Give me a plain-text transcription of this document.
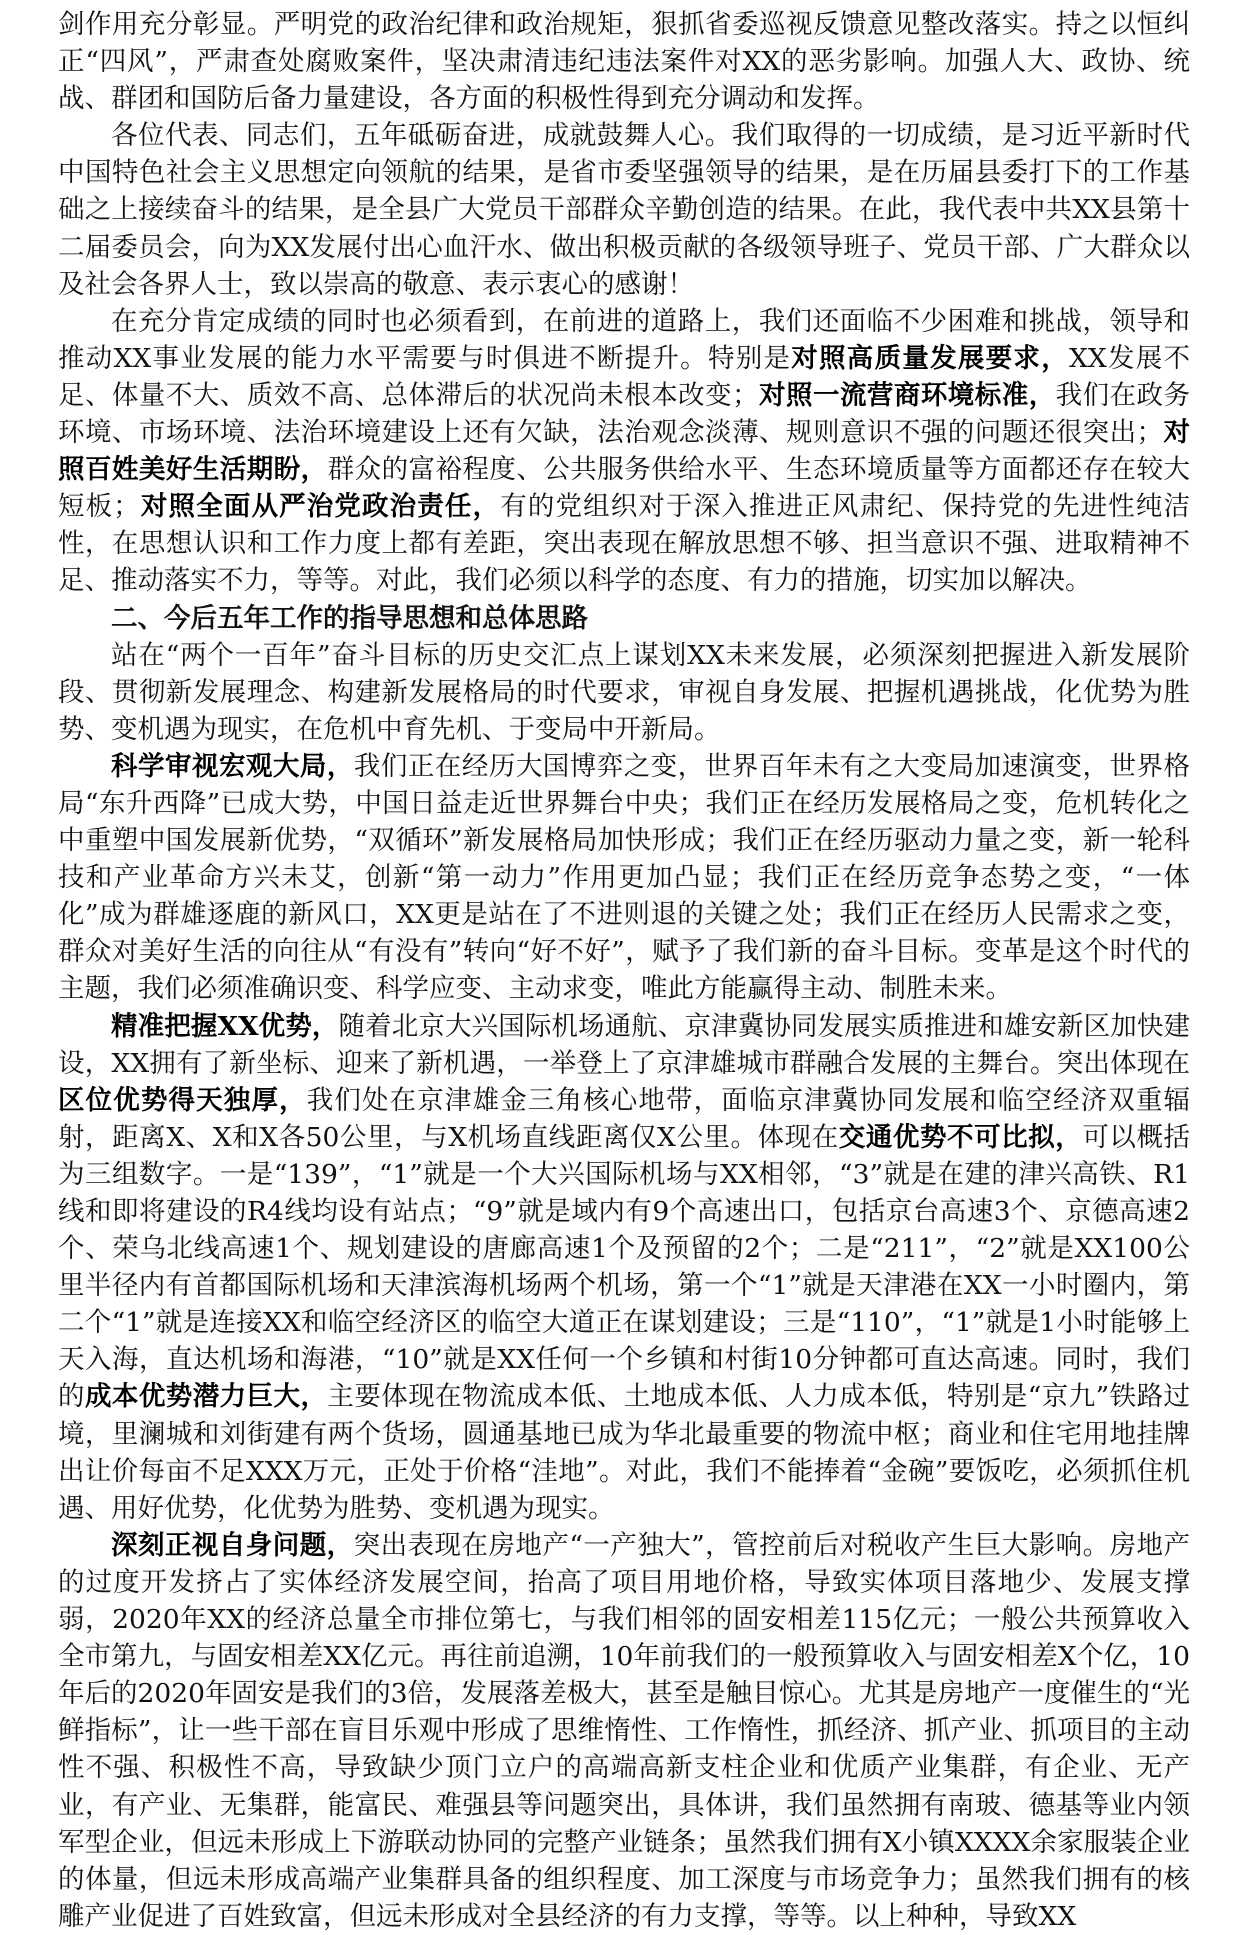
剑作用充分彰显。严明党的政治纪律和政治规矩，狠抓省委巡视反馈意见整改落实。持之以恒纠正“四风”，严肃查处腐败案件，坚决肃清违纪违法案件对XX的恶劣影响。加强人大、政协、统战、群团和国防后备力量建设，各方面的积极性得到充分调动和发挥。

各位代表、同志们，五年砥砺奋进，成就鼓舞人心。我们取得的一切成绩，是习近平新时代中国特色社会主义思想定向领航的结果，是省市委坚强领导的结果，是在历届县委打下的工作基础之上接续奋斗的结果，是全县广大党员干部群众辛勤创造的结果。在此，我代表中共XX县第十二届委员会，向为XX发展付出心血汗水、做出积极贡献的各级领导班子、党员干部、广大群众以及社会各界人士，致以崇高的敬意、表示衷心的感谢！

在充分肯定成绩的同时也必须看到，在前进的道路上，我们还面临不少困难和挑战，领导和推动XX事业发展的能力水平需要与时俱进不断提升。特别是对照高质量发展要求，XX发展不足、体量不大、质效不高、总体滞后的状况尚未根本改变；对照一流营商环境标准，我们在政务环境、市场环境、法治环境建设上还有欠缺，法治观念淡薄、规则意识不强的问题还很突出；对照百姓美好生活期盼，群众的富裕程度、公共服务供给水平、生态环境质量等方面都还存在较大短板；对照全面从严治党政治责任，有的党组织对于深入推进正风肃纪、保持党的先进性纯洁性，在思想认识和工作力度上都有差距，突出表现在解放思想不够、担当意识不强、进取精神不足、推动落实不力，等等。对此，我们必须以科学的态度、有力的措施，切实加以解决。

二、今后五年工作的指导思想和总体思路

站在“两个一百年”奋斗目标的历史交汇点上谋划XX未来发展，必须深刻把握进入新发展阶段、贯彻新发展理念、构建新发展格局的时代要求，审视自身发展、把握机遇挑战，化优势为胜势、变机遇为现实，在危机中育先机、于变局中开新局。

科学审视宏观大局，我们正在经历大国博弈之变，世界百年未有之大变局加速演变，世界格局“东升西降”已成大势，中国日益走近世界舞台中央；我们正在经历发展格局之变，危机转化之中重塑中国发展新优势，“双循环”新发展格局加快形成；我们正在经历驱动力量之变，新一轮科技和产业革命方兴未艾，创新“第一动力”作用更加凸显；我们正在经历竞争态势之变，“一体化”成为群雄逐鹿的新风口，XX更是站在了不进则退的关键之处；我们正在经历人民需求之变，群众对美好生活的向往从“有没有”转向“好不好”，赋予了我们新的奋斗目标。变革是这个时代的主题，我们必须准确识变、科学应变、主动求变，唯此方能赢得主动、制胜未来。

精准把握XX优势，随着北京大兴国际机场通航、京津冀协同发展实质推进和雄安新区加快建设，XX拥有了新坐标、迎来了新机遇，一举登上了京津雄城市群融合发展的主舞台。突出体现在区位优势得天独厚，我们处在京津雄金三角核心地带，面临京津冀协同发展和临空经济双重辐射，距离X、X和X各50公里，与X机场直线距离仅X公里。体现在交通优势不可比拟，可以概括为三组数字。一是“139”，“1”就是一个大兴国际机场与XX相邻，“3”就是在建的津兴高铁、R1线和即将建设的R4线均设有站点；“9”就是域内有9个高速出口，包括京台高速3个、京德高速2个、荣乌北线高速1个、规划建设的唐廊高速1个及预留的2个；二是“211”，“2”就是XX100公里半径内有首都国际机场和天津滨海机场两个机场，第一个“1”就是天津港在XX一小时圈内，第二个“1”就是连接XX和临空经济区的临空大道正在谋划建设；三是“110”，“1”就是1小时能够上天入海，直达机场和海港，“10”就是XX任何一个乡镇和村街10分钟都可直达高速。同时，我们的成本优势潜力巨大，主要体现在物流成本低、土地成本低、人力成本低，特别是“京九”铁路过境，里澜城和刘街建有两个货场，圆通基地已成为华北最重要的物流中枢；商业和住宅用地挂牌出让价每亩不足XXX万元，正处于价格“洼地”。对此，我们不能捧着“金碗”要饭吃，必须抓住机遇、用好优势，化优势为胜势、变机遇为现实。

深刻正视自身问题，突出表现在房地产“一产独大”，管控前后对税收产生巨大影响。房地产的过度开发挤占了实体经济发展空间，抬高了项目用地价格，导致实体项目落地少、发展支撑弱，2020年XX的经济总量全市排位第七，与我们相邻的固安相差115亿元；一般公共预算收入全市第九，与固安相差XX亿元。再往前追溯，10年前我们的一般预算收入与固安相差X个亿，10年后的2020年固安是我们的3倍，发展落差极大，甚至是触目惊心。尤其是房地产一度催生的“光鲜指标”，让一些干部在盲目乐观中形成了思维惰性、工作惰性，抓经济、抓产业、抓项目的主动性不强、积极性不高，导致缺少顶门立户的高端高新支柱企业和优质产业集群，有企业、无产业，有产业、无集群，能富民、难强县等问题突出，具体讲，我们虽然拥有南玻、德基等业内领军型企业，但远未形成上下游联动协同的完整产业链条；虽然我们拥有X小镇XXXX余家服装企业的体量，但远未形成高端产业集群具备的组织程度、加工深度与市场竞争力；虽然我们拥有的核雕产业促进了百姓致富，但远未形成对全县经济的有力支撑，等等。以上种种，导致XX
